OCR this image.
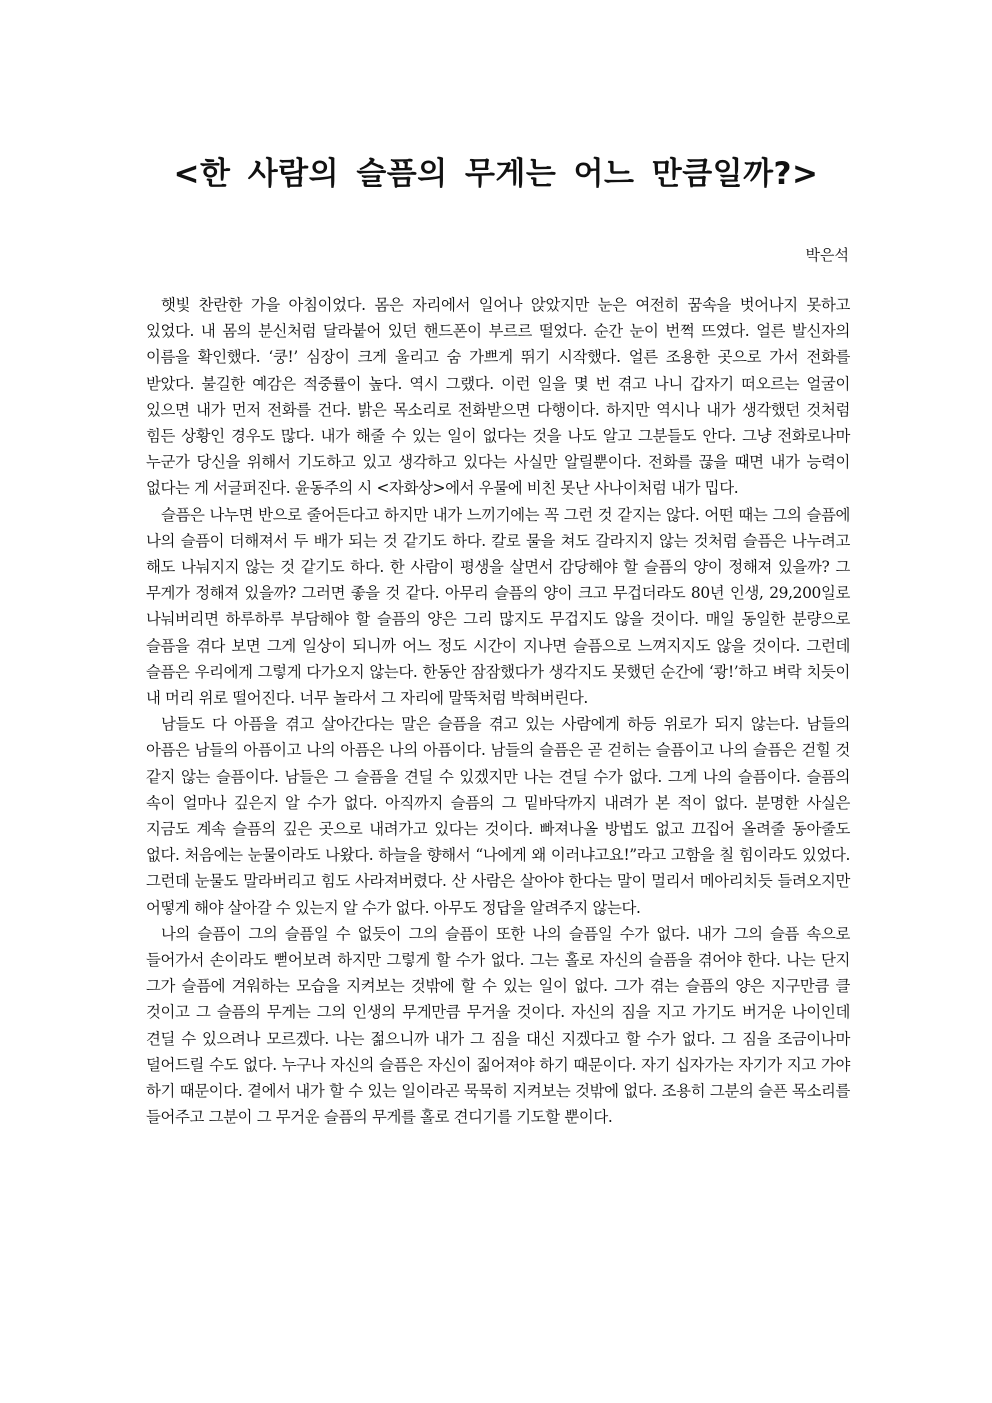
<한 사람의 슬픔의 무게는 어느 만큼일까?>

박은석

햇빛 찬란한 가을 아침이었다. 몸은 자리에서 일어나 앉았지만 눈은 여전히 꿈속을 벗어나지 못하고 있었다. 내 몸의 분신처럼 달라붙어 있던 핸드폰이 부르르 떨었다. 순간 눈이 번쩍 뜨였다. 얼른 발신자의 이름을 확인했다. ‘쿵!’ 심장이 크게 울리고 숨 가쁘게 뛰기 시작했다. 얼른 조용한 곳으로 가서 전화를 받았다. 불길한 예감은 적중률이 높다. 역시 그랬다. 이런 일을 몇 번 겪고 나니 갑자기 떠오르는 얼굴이 있으면 내가 먼저 전화를 건다. 밝은 목소리로 전화받으면 다행이다. 하지만 역시나 내가 생각했던 것처럼 힘든 상황인 경우도 많다. 내가 해줄 수 있는 일이 없다는 것을 나도 알고 그분들도 안다. 그냥 전화로나마 누군가 당신을 위해서 기도하고 있고 생각하고 있다는 사실만 알릴뿐이다. 전화를 끊을 때면 내가 능력이 없다는 게 서글퍼진다. 윤동주의 시 <자화상>에서 우물에 비친 못난 사나이처럼 내가 밉다.

슬픔은 나누면 반으로 줄어든다고 하지만 내가 느끼기에는 꼭 그런 것 같지는 않다. 어떤 때는 그의 슬픔에 나의 슬픔이 더해져서 두 배가 되는 것 같기도 하다. 칼로 물을 쳐도 갈라지지 않는 것처럼 슬픔은 나누려고 해도 나눠지지 않는 것 같기도 하다. 한 사람이 평생을 살면서 감당해야 할 슬픔의 양이 정해져 있을까? 그 무게가 정해져 있을까? 그러면 좋을 것 같다. 아무리 슬픔의 양이 크고 무겁더라도 80년 인생, 29,200일로 나눠버리면 하루하루 부담해야 할 슬픔의 양은 그리 많지도 무겁지도 않을 것이다. 매일 동일한 분량으로 슬픔을 겪다 보면 그게 일상이 되니까 어느 정도 시간이 지나면 슬픔으로 느껴지지도 않을 것이다. 그런데 슬픔은 우리에게 그렇게 다가오지 않는다. 한동안 잠잠했다가 생각지도 못했던 순간에 ‘쾅!’하고 벼락 치듯이 내 머리 위로 떨어진다. 너무 놀라서 그 자리에 말뚝처럼 박혀버린다.

남들도 다 아픔을 겪고 살아간다는 말은 슬픔을 겪고 있는 사람에게 하등 위로가 되지 않는다. 남들의 아픔은 남들의 아픔이고 나의 아픔은 나의 아픔이다. 남들의 슬픔은 곧 걷히는 슬픔이고 나의 슬픔은 걷힐 것 같지 않는 슬픔이다. 남들은 그 슬픔을 견딜 수 있겠지만 나는 견딜 수가 없다. 그게 나의 슬픔이다. 슬픔의 속이 얼마나 깊은지 알 수가 없다. 아직까지 슬픔의 그 밑바닥까지 내려가 본 적이 없다. 분명한 사실은 지금도 계속 슬픔의 깊은 곳으로 내려가고 있다는 것이다. 빠져나올 방법도 없고 끄집어 올려줄 동아줄도 없다. 처음에는 눈물이라도 나왔다. 하늘을 향해서 “나에게 왜 이러냐고요!”라고 고함을 칠 힘이라도 있었다. 그런데 눈물도 말라버리고 힘도 사라져버렸다. 산 사람은 살아야 한다는 말이 멀리서 메아리치듯 들려오지만 어떻게 해야 살아갈 수 있는지 알 수가 없다. 아무도 정답을 알려주지 않는다.

나의 슬픔이 그의 슬픔일 수 없듯이 그의 슬픔이 또한 나의 슬픔일 수가 없다. 내가 그의 슬픔 속으로 들어가서 손이라도 뻗어보려 하지만 그렇게 할 수가 없다. 그는 홀로 자신의 슬픔을 겪어야 한다. 나는 단지 그가 슬픔에 겨워하는 모습을 지켜보는 것밖에 할 수 있는 일이 없다. 그가 겪는 슬픔의 양은 지구만큼 클 것이고 그 슬픔의 무게는 그의 인생의 무게만큼 무거울 것이다. 자신의 짐을 지고 가기도 버거운 나이인데 견딜 수 있으려나 모르겠다. 나는 젊으니까 내가 그 짐을 대신 지겠다고 할 수가 없다. 그 짐을 조금이나마 덜어드릴 수도 없다. 누구나 자신의 슬픔은 자신이 짊어져야 하기 때문이다. 자기 십자가는 자기가 지고 가야 하기 때문이다. 곁에서 내가 할 수 있는 일이라곤 묵묵히 지켜보는 것밖에 없다. 조용히 그분의 슬픈 목소리를 들어주고 그분이 그 무거운 슬픔의 무게를 홀로 견디기를 기도할 뿐이다.
